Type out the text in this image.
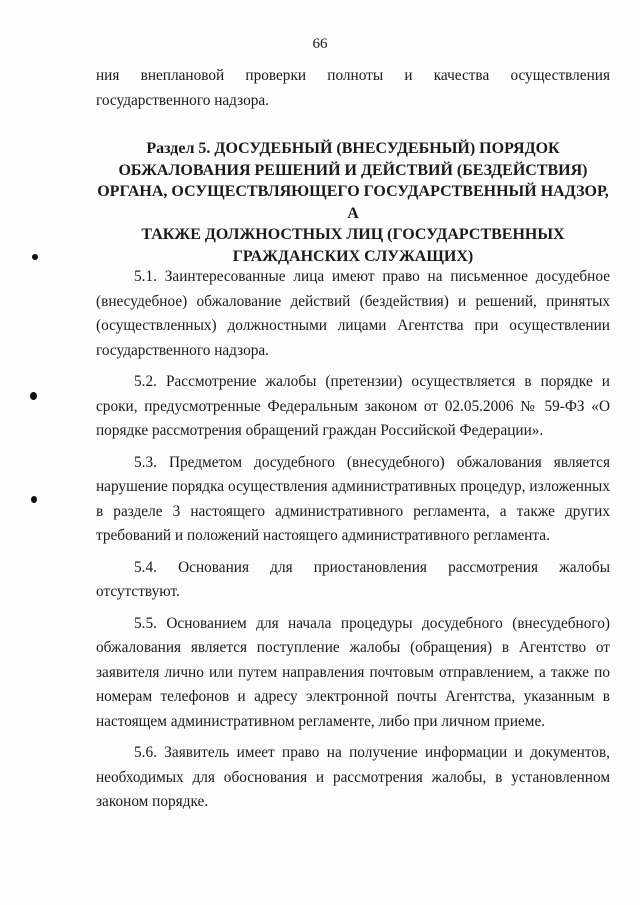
66

ния внеплановой проверки полноты и качества осуществления государственного надзора.

Раздел 5. ДОСУДЕБНЫЙ (ВНЕСУДЕБНЫЙ) ПОРЯДОК
ОБЖАЛОВАНИЯ РЕШЕНИЙ И ДЕЙСТВИЙ (БЕЗДЕЙСТВИЯ)
ОРГАНА, ОСУЩЕСТВЛЯЮЩЕГО ГОСУДАРСТВЕННЫЙ НАДЗОР, А
ТАКЖЕ ДОЛЖНОСТНЫХ ЛИЦ (ГОСУДАРСТВЕННЫХ
ГРАЖДАНСКИХ СЛУЖАЩИХ)

5.1. Заинтересованные лица имеют право на письменное досудебное (внесудебное) обжалование действий (бездействия) и решений, принятых (осуществленных) должностными лицами Агентства при осуществлении государственного надзора.

5.2. Рассмотрение жалобы (претензии) осуществляется в порядке и сроки, предусмотренные Федеральным законом от 02.05.2006 № 59-ФЗ «О порядке рассмотрения обращений граждан Российской Федерации».

5.3. Предметом досудебного (внесудебного) обжалования является нарушение порядка осуществления административных процедур, изложенных в разделе 3 настоящего административного регламента, а также других требований и положений настоящего административного регламента.

5.4. Основания для приостановления рассмотрения жалобы отсутствуют.

5.5. Основанием для начала процедуры досудебного (внесудебного) обжалования является поступление жалобы (обращения) в Агентство от заявителя лично или путем направления почтовым отправлением, а также по номерам телефонов и адресу электронной почты Агентства, указанным в настоящем административном регламенте, либо при личном приеме.

5.6. Заявитель имеет право на получение информации и документов, необходимых для обоснования и рассмотрения жалобы, в установленном законом порядке.
